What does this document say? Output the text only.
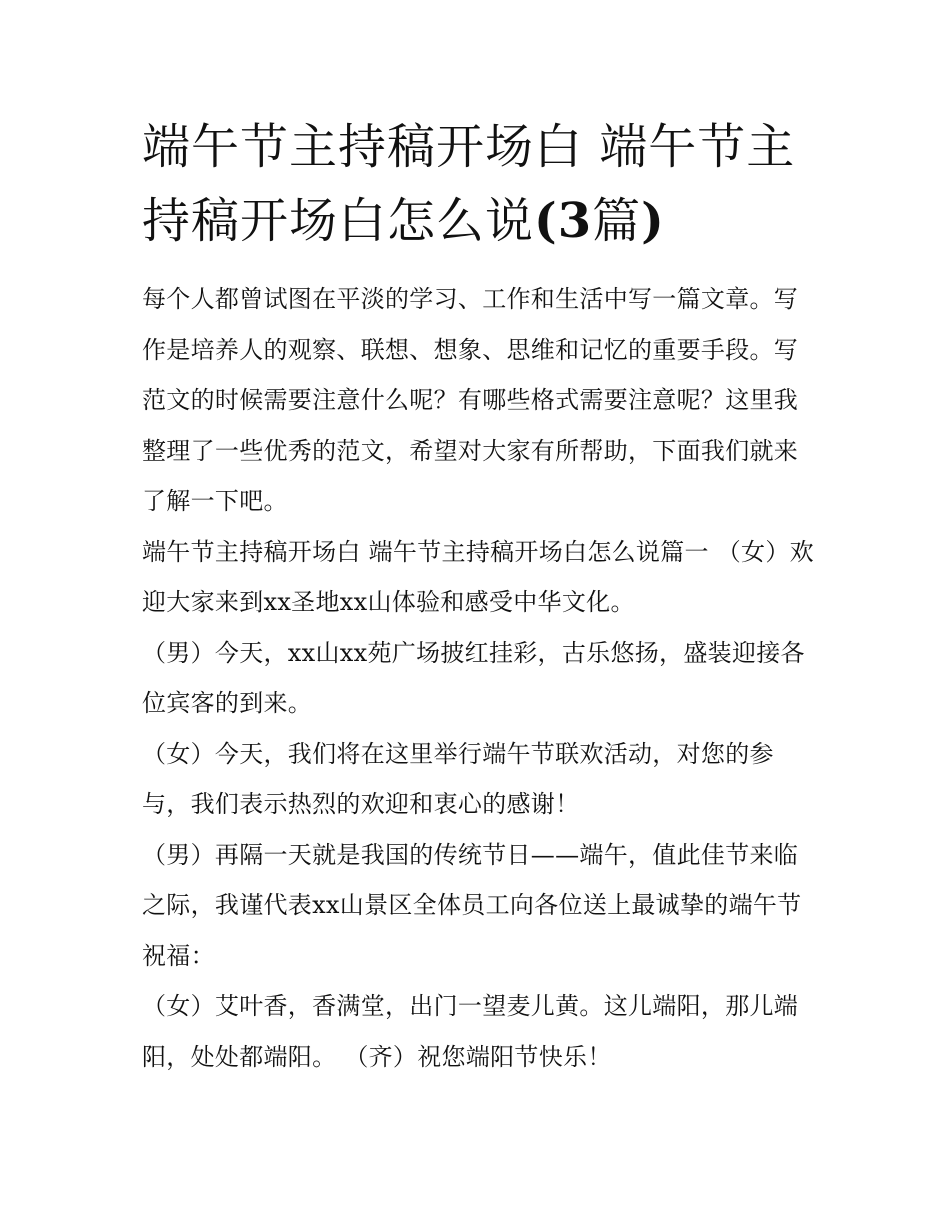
端午节主持稿开场白 端午节主持稿开场白怎么说(3篇)

每个人都曾试图在平淡的学习、工作和生活中写一篇文章。写作是培养人的观察、联想、想象、思维和记忆的重要手段。写范文的时候需要注意什么呢？有哪些格式需要注意呢？这里我整理了一些优秀的范文，希望对大家有所帮助，下面我们就来了解一下吧。

端午节主持稿开场白 端午节主持稿开场白怎么说篇一 （女）欢迎大家来到xx圣地xx山体验和感受中华文化。

（男）今天，xx山xx苑广场披红挂彩，古乐悠扬，盛装迎接各位宾客的到来。

（女）今天，我们将在这里举行端午节联欢活动，对您的参与，我们表示热烈的欢迎和衷心的感谢！

（男）再隔一天就是我国的传统节日——端午，值此佳节来临之际，我谨代表xx山景区全体员工向各位送上最诚挚的端午节祝福：

（女）艾叶香，香满堂，出门一望麦儿黄。这儿端阳，那儿端阳，处处都端阳。 （齐）祝您端阳节快乐！
